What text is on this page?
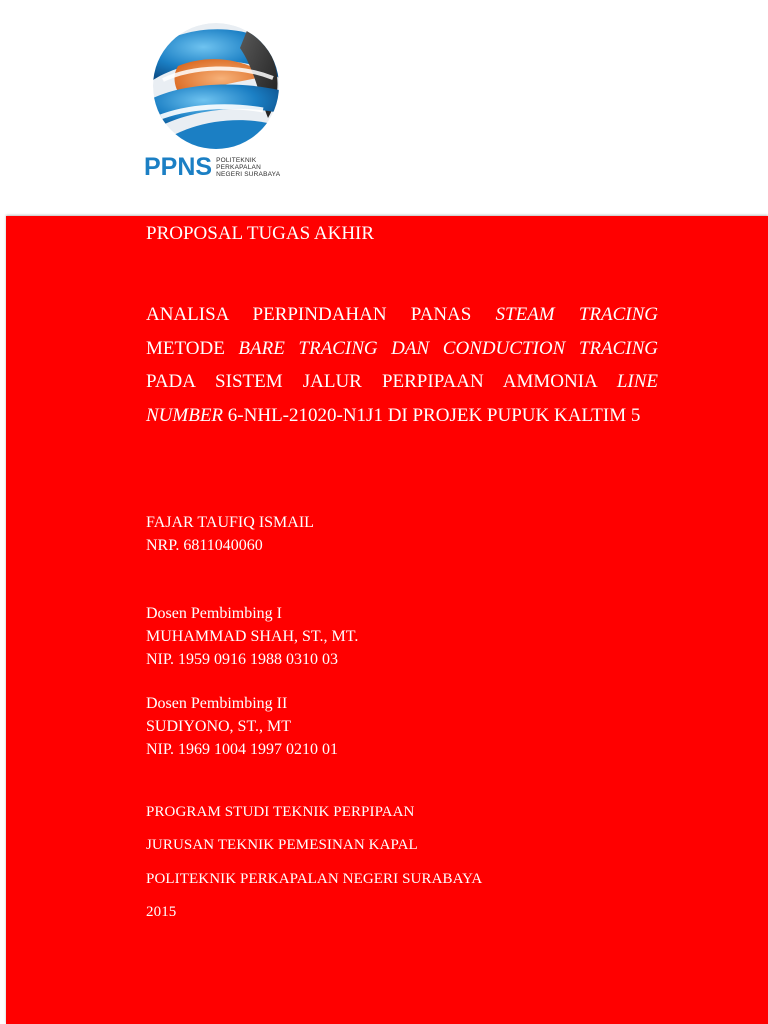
PPNS POLITEKNIK
PERKAPALAN
NEGERI SURABAYA
PROPOSAL TUGAS AKHIR
ANALISA PERPINDAHAN PANAS STEAM TRACING METODE BARE TRACING DAN CONDUCTION TRACING PADA SISTEM JALUR PERPIPAAN AMMONIA LINE NUMBER 6-NHL-21020-N1J1 DI PROJEK PUPUK KALTIM 5
FAJAR TAUFIQ ISMAIL
NRP. 6811040060
Dosen Pembimbing I
MUHAMMAD SHAH, ST., MT.
NIP. 1959 0916 1988 0310 03
Dosen Pembimbing II
SUDIYONO, ST., MT
NIP. 1969 1004 1997 0210 01
PROGRAM STUDI TEKNIK PERPIPAAN
JURUSAN TEKNIK PEMESINAN KAPAL
POLITEKNIK PERKAPALAN NEGERI SURABAYA
2015
